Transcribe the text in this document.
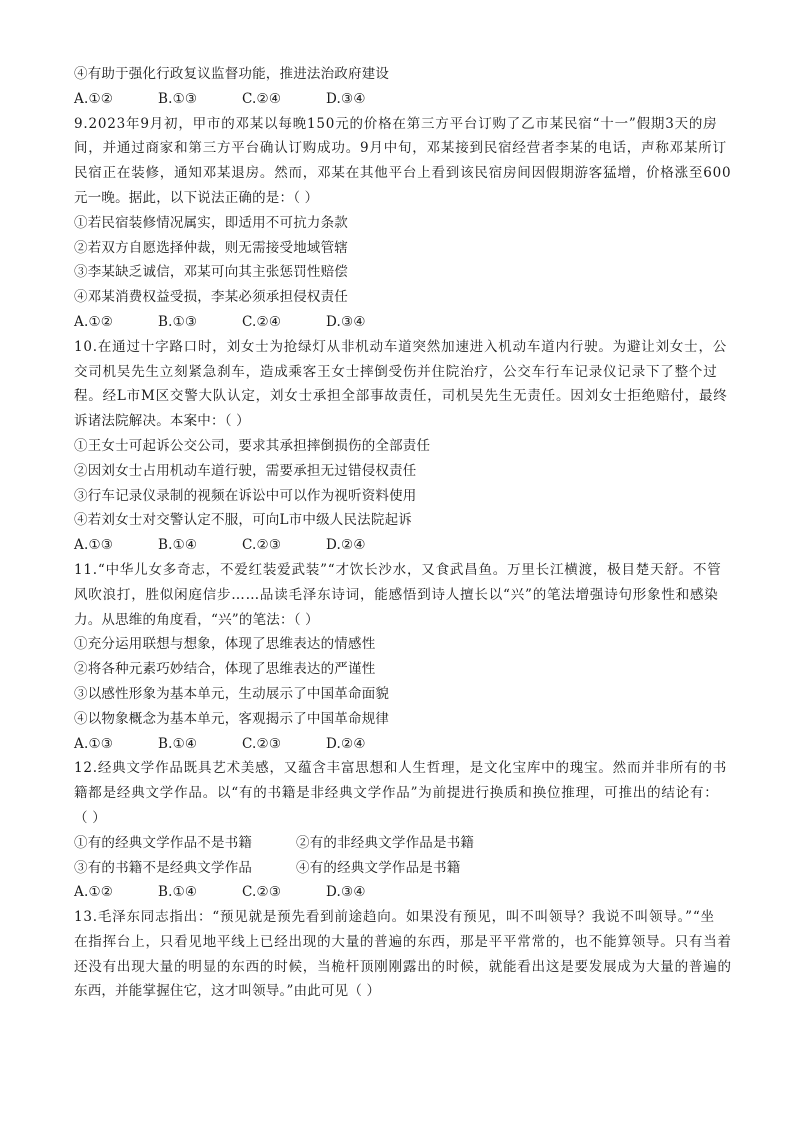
④有助于强化行政复议监督功能，推进法治政府建设
A.①②	B.①③	C.②④	D.③④
9.2023年9月初，甲市的邓某以每晚150元的价格在第三方平台订购了乙市某民宿“十一”假期3天的房
间，并通过商家和第三方平台确认订购成功。9月中旬，邓某接到民宿经营者李某的电话，声称邓某所订
民宿正在装修，通知邓某退房。然而，邓某在其他平台上看到该民宿房间因假期游客猛增，价格涨至600
元一晚。据此，以下说法正确的是：（ ）
①若民宿装修情况属实，即适用不可抗力条款
②若双方自愿选择仲裁，则无需接受地域管辖
③李某缺乏诚信，邓某可向其主张惩罚性赔偿
④邓某消费权益受损，李某必须承担侵权责任
A.①②	B.①③	C.②④	D.③④
10.在通过十字路口时，刘女士为抢绿灯从非机动车道突然加速进入机动车道内行驶。为避让刘女士，公
交司机吴先生立刻紧急刹车，造成乘客王女士摔倒受伤并住院治疗，公交车行车记录仪记录下了整个过
程。经L市M区交警大队认定，刘女士承担全部事故责任，司机吴先生无责任。因刘女士拒绝赔付，最终
诉诸法院解决。本案中：（ ）
①王女士可起诉公交公司，要求其承担摔倒损伤的全部责任
②因刘女士占用机动车道行驶，需要承担无过错侵权责任
③行车记录仪录制的视频在诉讼中可以作为视听资料使用
④若刘女士对交警认定不服，可向L市中级人民法院起诉
A.①③	B.①④	C.②③	D.②④
11.“中华儿女多奇志，不爱红装爱武装”“才饮长沙水，又食武昌鱼。万里长江横渡，极目楚天舒。不管
风吹浪打，胜似闲庭信步……品读毛泽东诗词，能感悟到诗人擅长以“兴”的笔法增强诗句形象性和感染
力。从思维的角度看，“兴”的笔法：（ ）
①充分运用联想与想象，体现了思维表达的情感性
②将各种元素巧妙结合，体现了思维表达的严谨性
③以感性形象为基本单元，生动展示了中国革命面貌
④以物象概念为基本单元，客观揭示了中国革命规律
A.①③	B.①④	C.②③	D.②④
12.经典文学作品既具艺术美感，又蕴含丰富思想和人生哲理，是文化宝库中的瑰宝。然而并非所有的书
籍都是经典文学作品。以“有的书籍是非经典文学作品”为前提进行换质和换位推理，可推出的结论有：
（ ）
①有的经典文学作品不是书籍	②有的非经典文学作品是书籍
③有的书籍不是经典文学作品	④有的经典文学作品是书籍
A.①②	B.①④	C.②③	D.③④
13.毛泽东同志指出：“预见就是预先看到前途趋向。如果没有预见，叫不叫领导？我说不叫领导。”“坐
在指挥台上，只看见地平线上已经出现的大量的普遍的东西，那是平平常常的，也不能算领导。只有当着
还没有出现大量的明显的东西的时候，当桅杆顶刚刚露出的时候，就能看出这是要发展成为大量的普遍的
东西，并能掌握住它，这才叫领导。”由此可见（ ）
